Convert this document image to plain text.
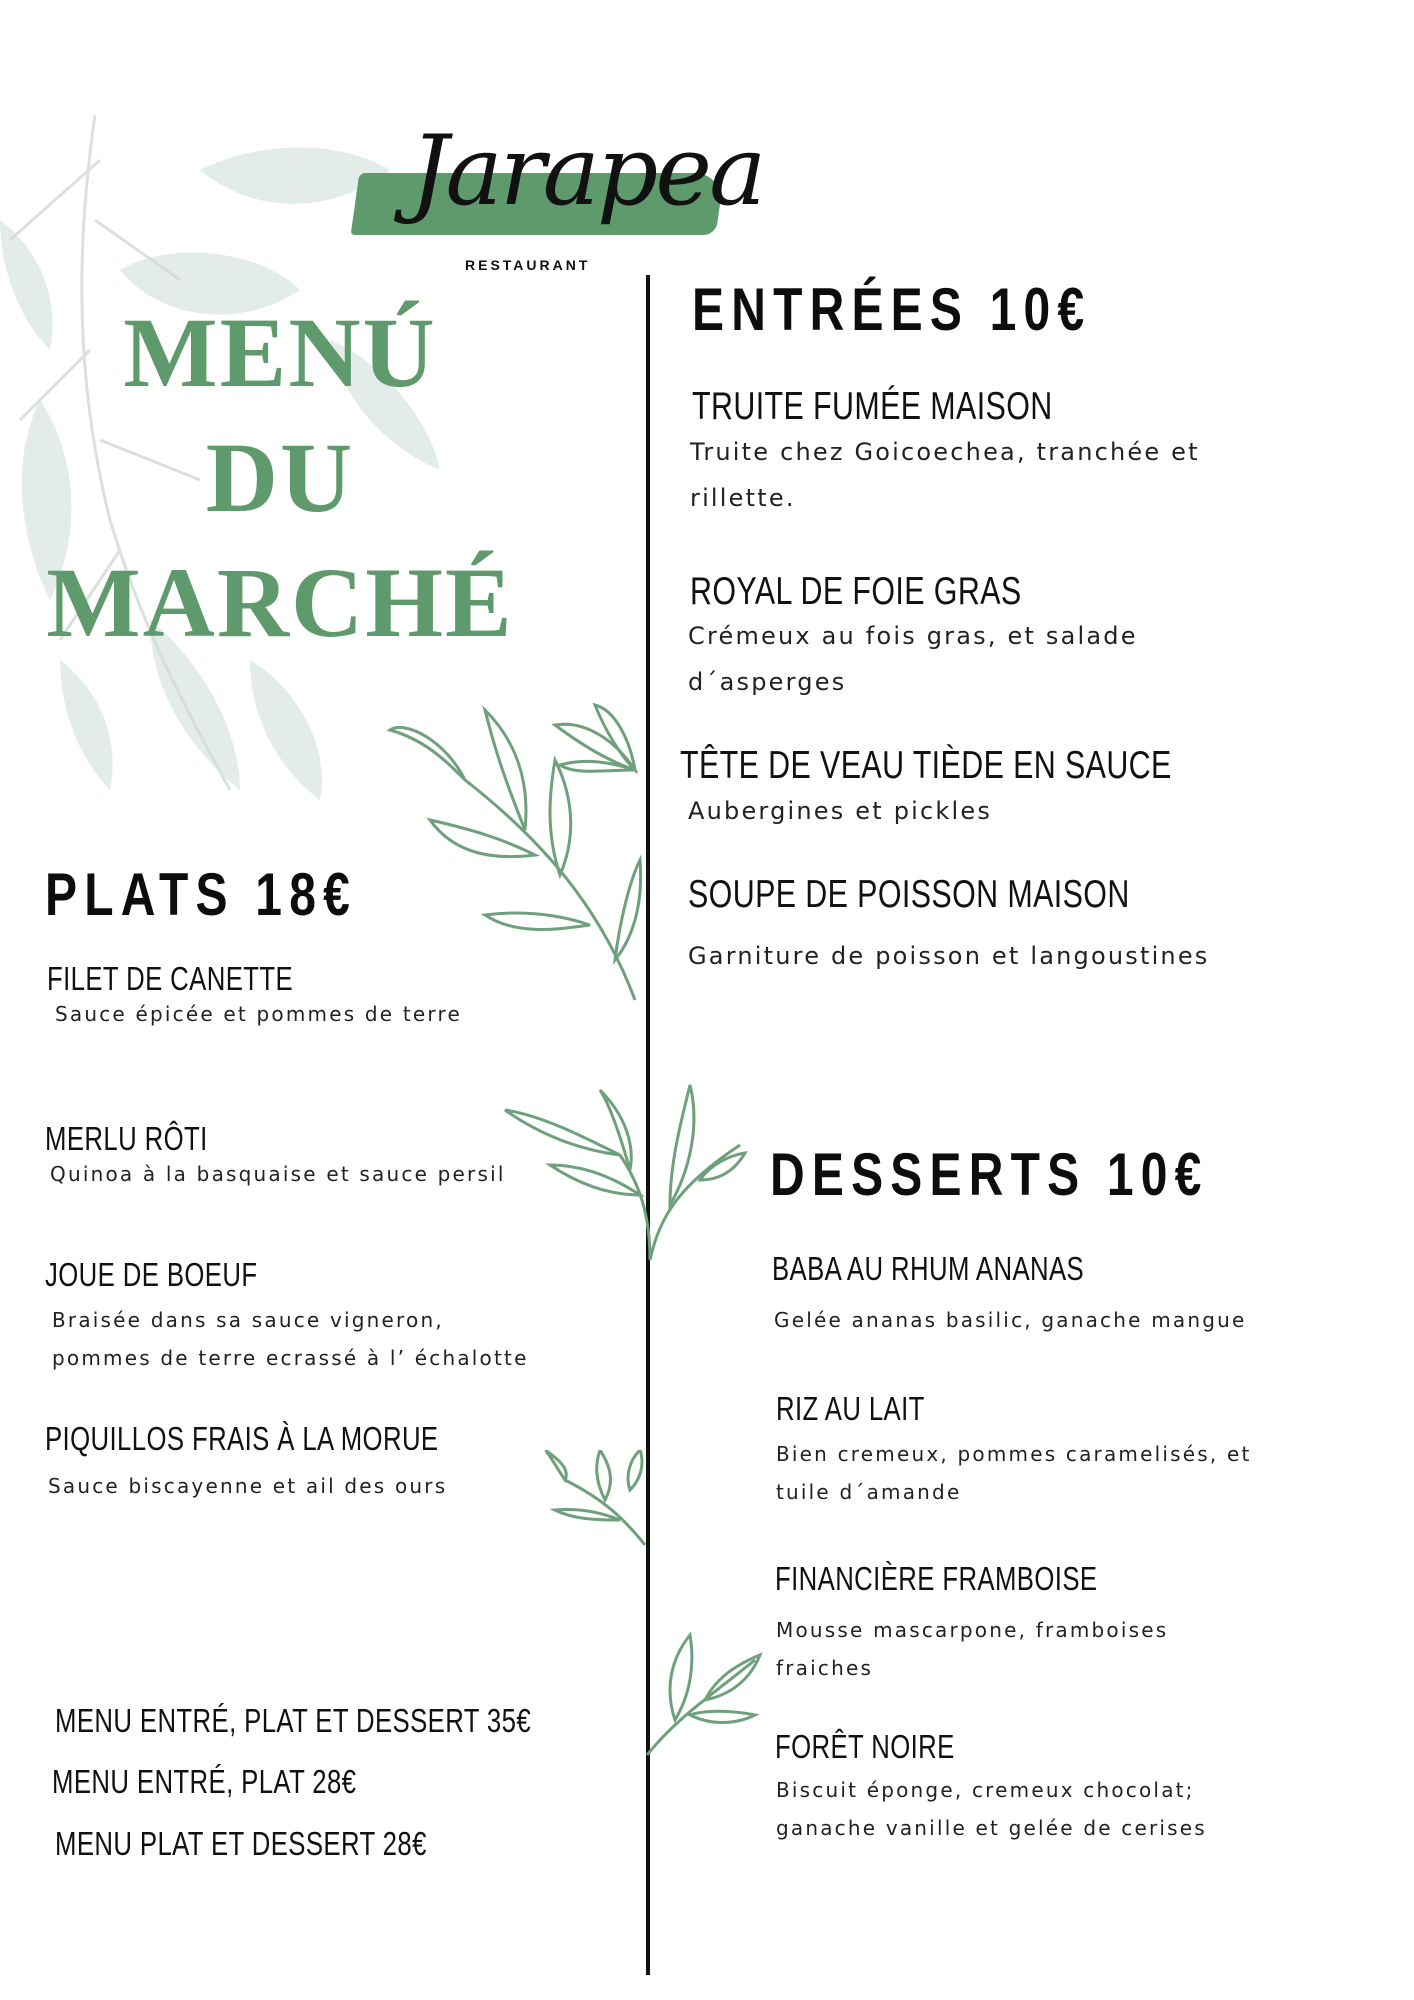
Jarapea
RESTAURANT
MENÚ
DU
MARCHÉ
ENTRÉES 10€
TRUITE FUMÉE MAISON
Truite chez Goicoechea, tranchée et
rillette.
ROYAL DE FOIE GRAS
Crémeux au fois gras, et salade
d´asperges
TÊTE DE VEAU TIÈDE EN SAUCE
Aubergines et pickles
SOUPE DE POISSON MAISON
Garniture de poisson et langoustines
PLATS 18€
FILET DE CANETTE
Sauce épicée et pommes de terre
MERLU RÔTI
Quinoa à la basquaise et sauce persil
JOUE DE BOEUF
Braisée dans sa sauce vigneron,
pommes de terre ecrassé à l’ échalotte
PIQUILLOS FRAIS À LA MORUE
Sauce biscayenne et ail des ours
DESSERTS 10€
BABA AU RHUM ANANAS
Gelée ananas basilic, ganache mangue
RIZ AU LAIT
Bien cremeux, pommes caramelisés, et
tuile d´amande
FINANCIÈRE FRAMBOISE
Mousse mascarpone, framboises
fraiches
FORÊT NOIRE
Biscuit éponge, cremeux chocolat;
ganache vanille et gelée de cerises
MENU ENTRÉ, PLAT ET DESSERT 35€
MENU ENTRÉ, PLAT 28€
MENU PLAT ET DESSERT 28€
